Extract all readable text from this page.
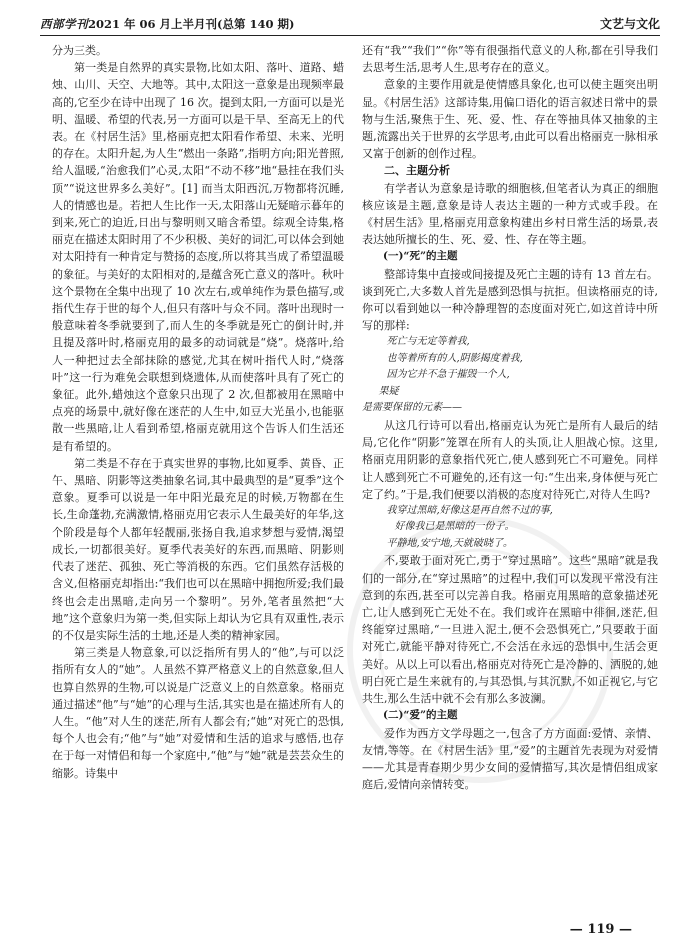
西部学刊2021 年 06 月上半月刊(总第 140 期)	文艺与文化

分为三类。

第一类是自然界的真实景物,比如太阳、落叶、道路、蜡烛、山川、天空、大地等。其中,太阳这一意象是出现频率最高的,它至少在诗中出现了 16 次。提到太阳,一方面可以是光明、温暖、希望的代表,另一方面可以是干旱、至高无上的代表。在《村居生活》里,格丽克把太阳看作希望、未来、光明的存在。太阳升起,为人生“燃出一条路”,指明方向;阳光普照,给人温暖,“治愈我们”心灵,太阳“不动不移”地“悬挂在我们头顶”“说这世界多么美好”。[1] 而当太阳西沉,万物都将沉睡,人的情感也是。若把人生比作一天,太阳落山无疑暗示暮年的到来,死亡的迫近,日出与黎明则又暗含希望。综观全诗集,格丽克在描述太阳时用了不少积极、美好的词汇,可以体会到她对太阳持有一种肯定与赞扬的态度,所以将其当成了希望温暖的象征。与美好的太阳相对的,是蕴含死亡意义的落叶。秋叶这个景物在全集中出现了 10 次左右,或单纯作为景色描写,或指代生存于世的每个人,但只有落叶与众不同。落叶出现时一般意味着冬季就要到了,而人生的冬季就是死亡的倒计时,并且提及落叶时,格丽克用的最多的动词就是“烧”。烧落叶,给人一种把过去全部抹除的感觉,尤其在树叶指代人时,“烧落叶”这一行为难免会联想到烧遗体,从而使落叶具有了死亡的象征。此外,蜡烛这个意象只出现了 2 次,但都被用在黑暗中点亮的场景中,就好像在迷茫的人生中,如豆大光虽小,也能驱散一些黑暗,让人看到希望,格丽克就用这个告诉人们生活还是有希望的。

第二类是不存在于真实世界的事物,比如夏季、黄昏、正午、黑暗、阴影等这类抽象名词,其中最典型的是“夏季”这个意象。夏季可以说是一年中阳光最充足的时候,万物都在生长,生命蓬勃,充满激情,格丽克用它表示人生最美好的年华,这个阶段是每个人都年轻靓丽,张扬自我,追求梦想与爱情,渴望成长,一切都很美好。夏季代表美好的东西,而黑暗、阴影则代表了迷茫、孤独、死亡等消极的东西。它们虽然存活极的含义,但格丽克却指出:“我们也可以在黑暗中拥抱所爱;我们最终也会走出黑暗,走向另一个黎明”。另外,笔者虽然把“大地”这个意象归为第一类,但实际上却认为它具有双重性,表示的不仅是实际生活的土地,还是人类的精神家园。

第三类是人物意象,可以泛指所有男人的“他”,与可以泛指所有女人的“她”。人虽然不算严格意义上的自然意象,但人也算自然界的生物,可以说是广泛意义上的自然意象。格丽克通过描述“他”与“她”的心理与生活,其实也是在描述所有人的人生。“他”对人生的迷茫,所有人都会有;“她”对死亡的恐惧,每个人也会有;“他”与“她”对爱情和生活的追求与感悟,也存在于每一对情侣和每一个家庭中,“他”与“她”就是芸芸众生的缩影。诗集中

还有“我”“我们”“你”等有很强指代意义的人称,都在引导我们去思考生活,思考人生,思考存在的意义。

意象的主要作用就是使情感具象化,也可以使主题突出明显。《村居生活》这部诗集,用偏口语化的语言叙述日常中的景物与生活,聚焦于生、死、爱、性、存在等抽具体又抽象的主题,流露出关于世界的玄学思考,由此可以看出格丽克一脉相承又富于创新的创作过程。

二、主题分析

有学者认为意象是诗歌的细胞核,但笔者认为真正的细胞核应该是主题,意象是诗人表达主题的一种方式或手段。在《村居生活》里,格丽克用意象构建出乡村日常生活的场景,表表达她所擅长的生、死、爱、性、存在等主题。

(一)“死”的主题

整部诗集中直接或间接提及死亡主题的诗有 13 首左右。谈到死亡,大多数人首先是感到恐惧与抗拒。但读格丽克的诗,你可以看到她以一种冷静理智的态度面对死亡,如这首诗中所写的那样:

死亡与无定等着我,
也等着所有的人,阴影揭度着我,
因为它并不急于摧毁一个人,
果疑
是需要保留的元素——

从这几行诗可以看出,格丽克认为死亡是所有人最后的结局,它化作“阴影”笼罩在所有人的头顶,让人胆战心惊。这里,格丽克用阴影的意象指代死亡,使人感到死亡不可避免。同样让人感到死亡不可避免的,还有这一句:“生出来,身体便与死亡定了约。”于是,我们便要以消极的态度对待死亡,对待人生吗?

我穿过黑暗,好像这是再自然不过的事,
好像我已是黑暗的一份子。
平静地,安宁地,天就破晓了。

不,要敢于面对死亡,勇于“穿过黑暗”。这些“黑暗”就是我们的一部分,在“穿过黑暗”的过程中,我们可以发现平常没有注意到的东西,甚至可以完善自我。格丽克用黑暗的意象描述死亡,让人感到死亡无处不在。我们或许在黑暗中徘徊,迷茫,但终能穿过黑暗,“一旦进入泥土,便不会恐惧死亡,”只要敢于面对死亡,就能平静对待死亡,不会活在永远的恐惧中,生活会更美好。从以上可以看出,格丽克对待死亡是冷静的、洒脱的,她明白死亡是生来就有的,与其恐惧,与其沉默,不如正视它,与它共生,那么生活中就不会有那么多波澜。

(二)“爱”的主题

爱作为西方文学母题之一,包含了方方面面:爱情、亲情、友情,等等。在《村居生活》里,“爱”的主题首先表现为对爱情——尤其是青春期少男少女间的爱情描写,其次是情侣组成家庭后,爱情向亲情转变。

— 119 —
